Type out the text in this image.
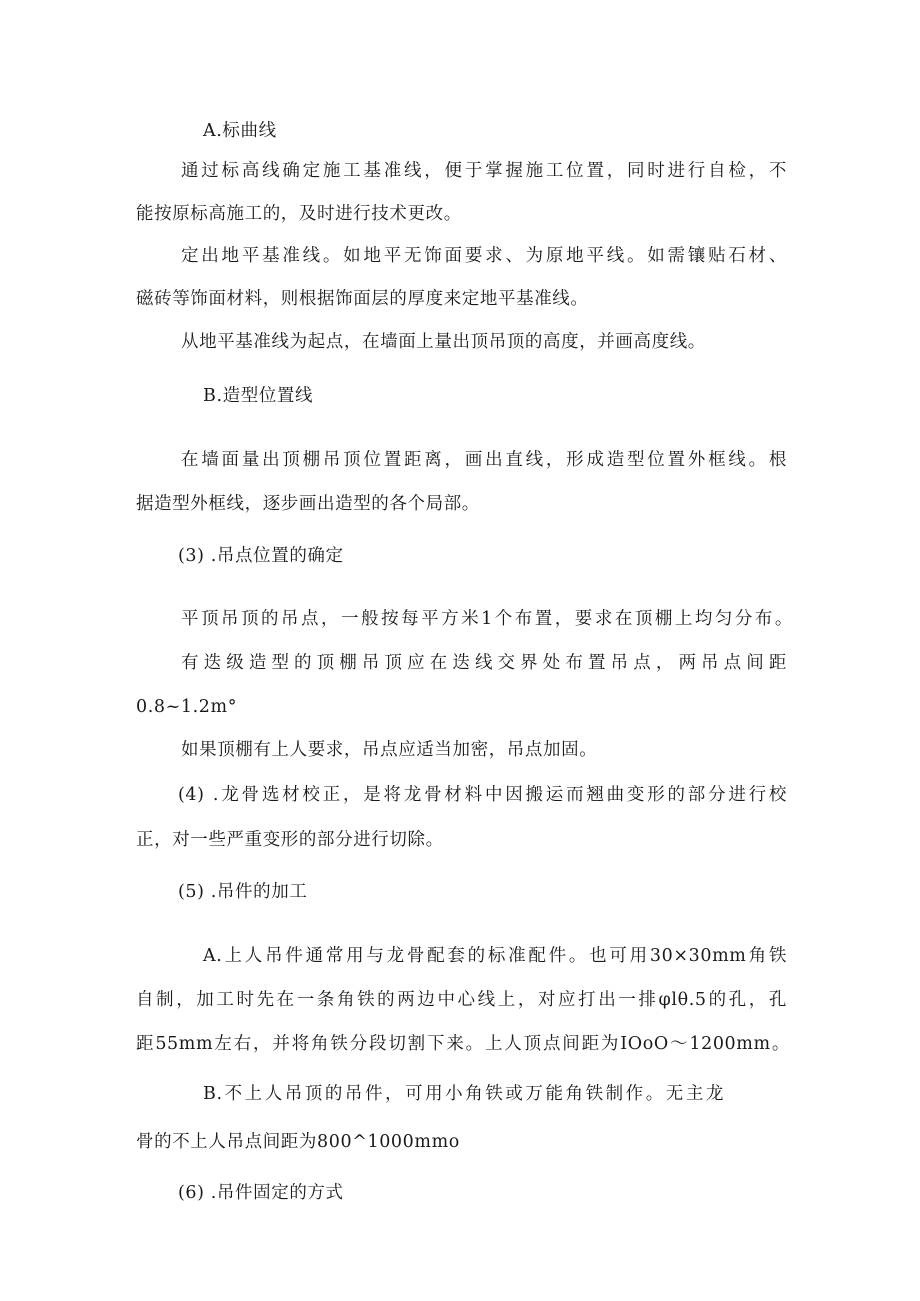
A.标曲线
通过标高线确定施工基准线，便于掌握施工位置，同时进行自检，不
能按原标高施工的，及时进行技术更改。
定出地平基准线。如地平无饰面要求、为原地平线。如需镶贴石材、
磁砖等饰面材料，则根据饰面层的厚度来定地平基准线。
从地平基准线为起点，在墙面上量出顶吊顶的高度，并画高度线。
B.造型位置线
在墙面量出顶棚吊顶位置距离，画出直线，形成造型位置外框线。根
据造型外框线，逐步画出造型的各个局部。
(3) .吊点位置的确定
平顶吊顶的吊点，一般按每平方米1个布置，要求在顶棚上均匀分布。
有迭级造型的顶棚吊顶应在迭线交界处布置吊点，两吊点间距
0.8~1.2m°
如果顶棚有上人要求，吊点应适当加密，吊点加固。
(4) .龙骨选材校正，是将龙骨材料中因搬运而翘曲变形的部分进行校
正，对一些严重变形的部分进行切除。
(5) .吊件的加工
A.上人吊件通常用与龙骨配套的标准配件。也可用30×30mm角铁
自制，加工时先在一条角铁的两边中心线上，对应打出一排φlθ.5的孔，孔
距55mm左右，并将角铁分段切割下来。上人顶点间距为IOoO～1200mm。
B.不上人吊顶的吊件，可用小角铁或万能角铁制作。无主龙
骨的不上人吊点间距为800^1000mmo
(6) .吊件固定的方式
